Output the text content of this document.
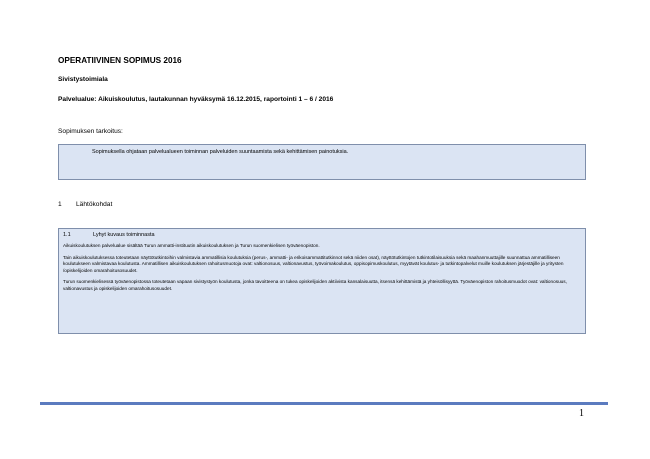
OPERATIIVINEN SOPIMUS 2016
Sivistystoimiala
Palvelualue: Aikuiskoulutus, lautakunnan hyväksymä 16.12.2015, raportointi 1 – 6 / 2016
Sopimuksen tarkoitus:
Sopimuksella ohjataan palvelualueen toiminnan palveluiden suuntaamista sekä kehittämisen painotuksia.
1 Lähtökohdat
1.1	Lyhyt kuvaus toiminnasta

Aikuiskoulutuksen palvelualue sisältää Turun ammatti-instituutin aikuiskoulutuksen ja Turun suomenkielisen työväenopiston.

Tain aikuiskoulutuksessa toteutetaan näyttötutkintoihin valmistavia ammatillisia koulutuksia (perus-, ammatti- ja erikoisammattitutkinnot sekä niiden osat), näyttötutkintojen tutkintotilaisuuksia sekä maahanmuuttajille suunnattua ammatilliseen koulutukseen valmistavaa koulutusta. Ammatillisen aikuiskoulutuksen rahoitusmuotoja ovat: valtionosuus, valtionavustus, työvoimakoulutus, oppisopimuskoulutus, myytävät koulutus- ja tutkintopalvelut muille koulutuksen järjestäjille ja yritysten /opiskelijoiden omarahoitusosuudet.

Turun suomenkielisessä työväenopistossa toteutetaan vapaan sivistystyön koulutusta, jonka tavoitteena on tukea opiskelijoiden aktiivista kansalaisuutta, itsensä kehittämistä ja yhteisöllisyyttä. Työväenopiston rahoitusmuodot ovat: valtionosuus, valtionavustus ja opiskelijoiden omarahoitusosuudet.

1
